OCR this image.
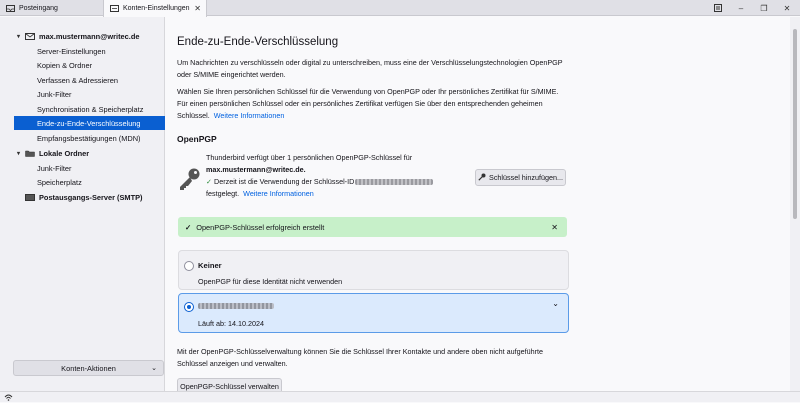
Posteingang	Konten-Einstellungen ✕	–	❐	✕
▾	max.mustermann@writec.de
Server-Einstellungen
Kopien & Ordner
Verfassen & Adressieren
Junk-Filter
Synchronisation & Speicherplatz
Ende-zu-Ende-Verschlüsselung
Empfangsbestätigungen (MDN)
▾	Lokale Ordner
Junk-Filter
Speicherplatz
Postausgangs-Server (SMTP)
Konten-Aktionen	⌄
Ende-zu-Ende-Verschlüsselung
Um Nachrichten zu verschlüsseln oder digital zu unterschreiben, muss eine der Verschlüsselungstechnologien OpenPGP
oder S/MIME eingerichtet werden.
Wählen Sie Ihren persönlichen Schlüssel für die Verwendung von OpenPGP oder Ihr persönliches Zertifikat für S/MIME.
Für einen persönlichen Schlüssel oder ein persönliches Zertifikat verfügen Sie über den entsprechenden geheimen
Schlüssel. Weitere Informationen
OpenPGP
Thunderbird verfügt über 1 persönlichen OpenPGP-Schlüssel für
max.mustermann@writec.de.
✓ Derzeit ist die Verwendung der Schlüssel-ID
festgelegt. Weitere Informationen
Schlüssel hinzufügen...
✓ OpenPGP-Schlüssel erfolgreich erstellt	✕
Keiner
OpenPGP für diese Identität nicht verwenden
⌄
Läuft ab: 14.10.2024
Mit der OpenPGP-Schlüsselverwaltung können Sie die Schlüssel Ihrer Kontakte und andere oben nicht aufgeführte
Schlüssel anzeigen und verwalten.
OpenPGP-Schlüssel verwalten
